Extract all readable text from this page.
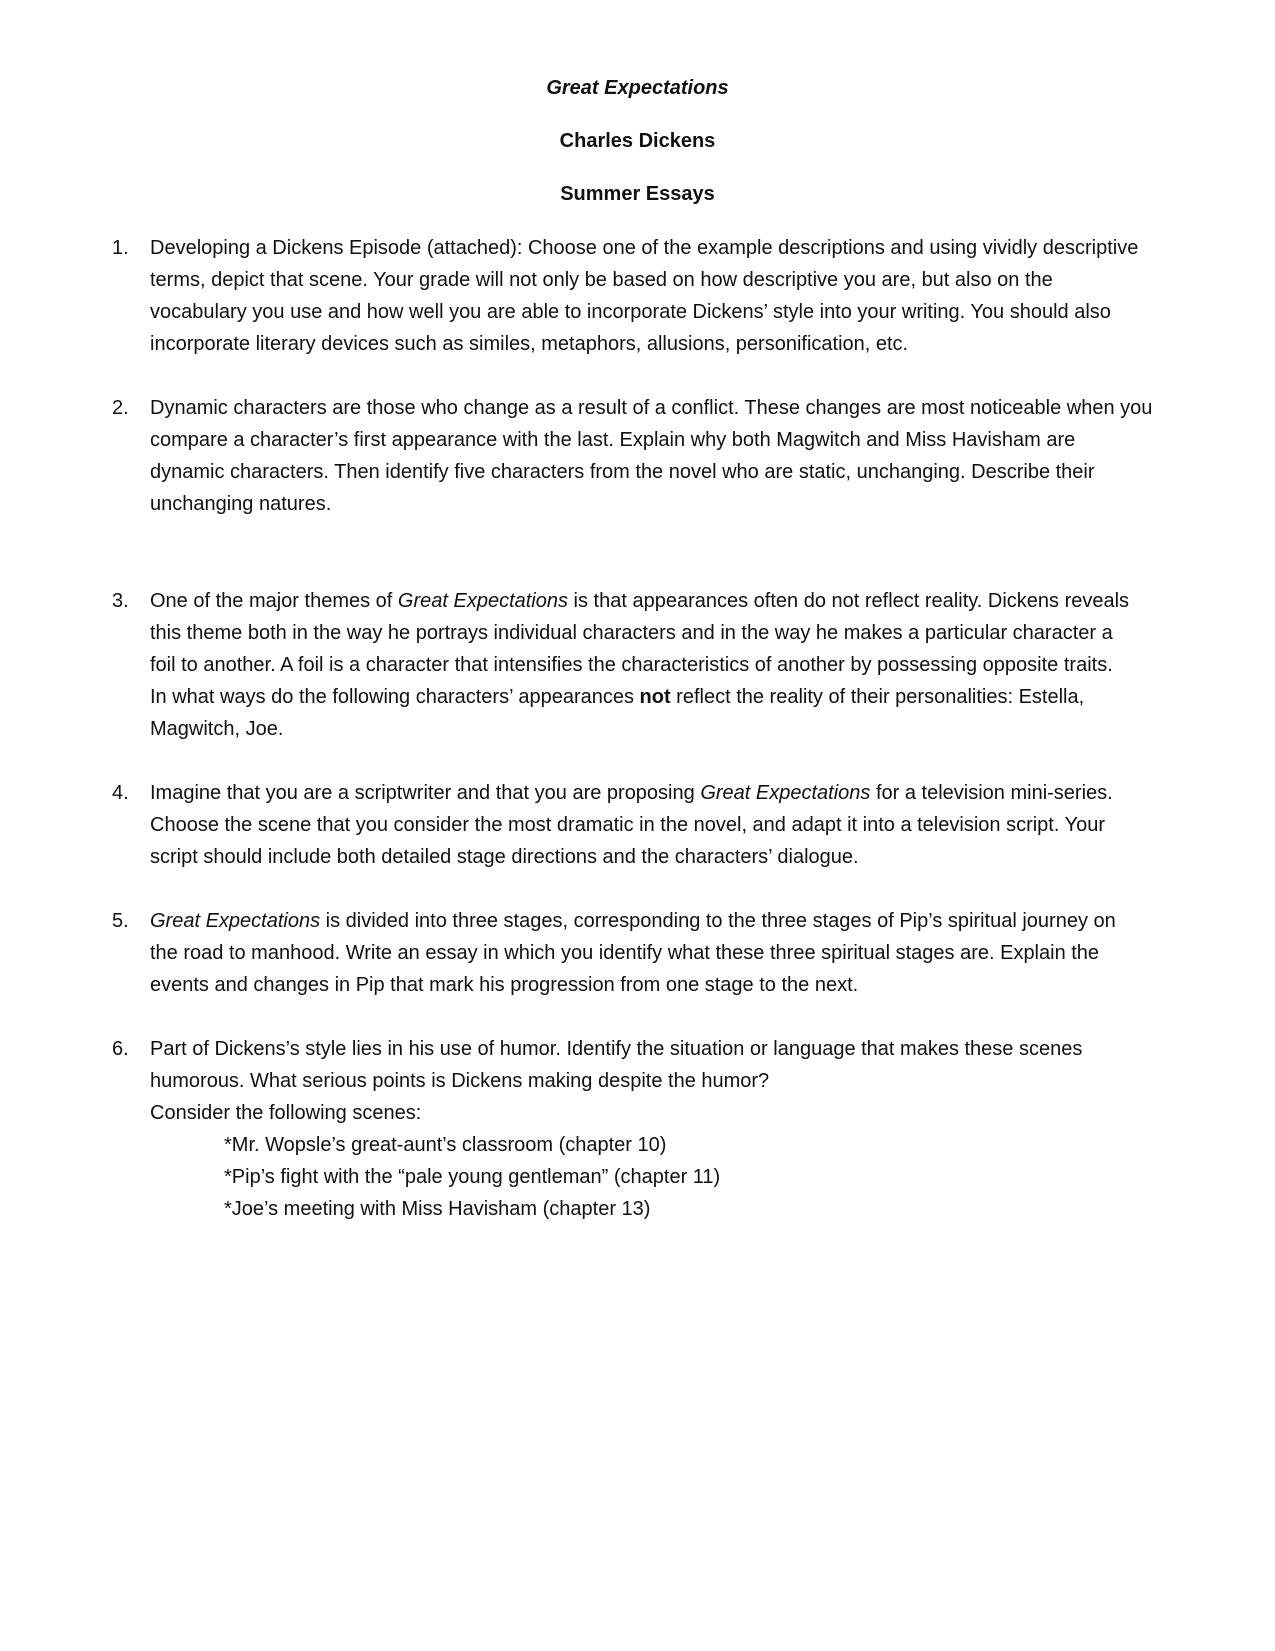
Great Expectations
Charles Dickens
Summer Essays
1. Developing a Dickens Episode (attached): Choose one of the example descriptions and using vividly descriptive
terms, depict that scene. Your grade will not only be based on how descriptive you are, but also on the
vocabulary you use and how well you are able to incorporate Dickens’ style into your writing. You should also
incorporate literary devices such as similes, metaphors, allusions, personification, etc.
2. Dynamic characters are those who change as a result of a conflict. These changes are most noticeable when you
compare a character’s first appearance with the last. Explain why both Magwitch and Miss Havisham are
dynamic characters. Then identify five characters from the novel who are static, unchanging. Describe their
unchanging natures.
3. One of the major themes of Great Expectations is that appearances often do not reflect reality. Dickens reveals
this theme both in the way he portrays individual characters and in the way he makes a particular character a
foil to another. A foil is a character that intensifies the characteristics of another by possessing opposite traits.
In what ways do the following characters’ appearances not reflect the reality of their personalities: Estella,
Magwitch, Joe.
4. Imagine that you are a scriptwriter and that you are proposing Great Expectations for a television mini-series.
Choose the scene that you consider the most dramatic in the novel, and adapt it into a television script. Your
script should include both detailed stage directions and the characters’ dialogue.
5. Great Expectations is divided into three stages, corresponding to the three stages of Pip’s spiritual journey on
the road to manhood. Write an essay in which you identify what these three spiritual stages are. Explain the
events and changes in Pip that mark his progression from one stage to the next.
6. Part of Dickens’s style lies in his use of humor. Identify the situation or language that makes these scenes
humorous. What serious points is Dickens making despite the humor?
Consider the following scenes:
*Mr. Wopsle’s great-aunt’s classroom (chapter 10)
*Pip’s fight with the “pale young gentleman” (chapter 11)
*Joe’s meeting with Miss Havisham (chapter 13)
